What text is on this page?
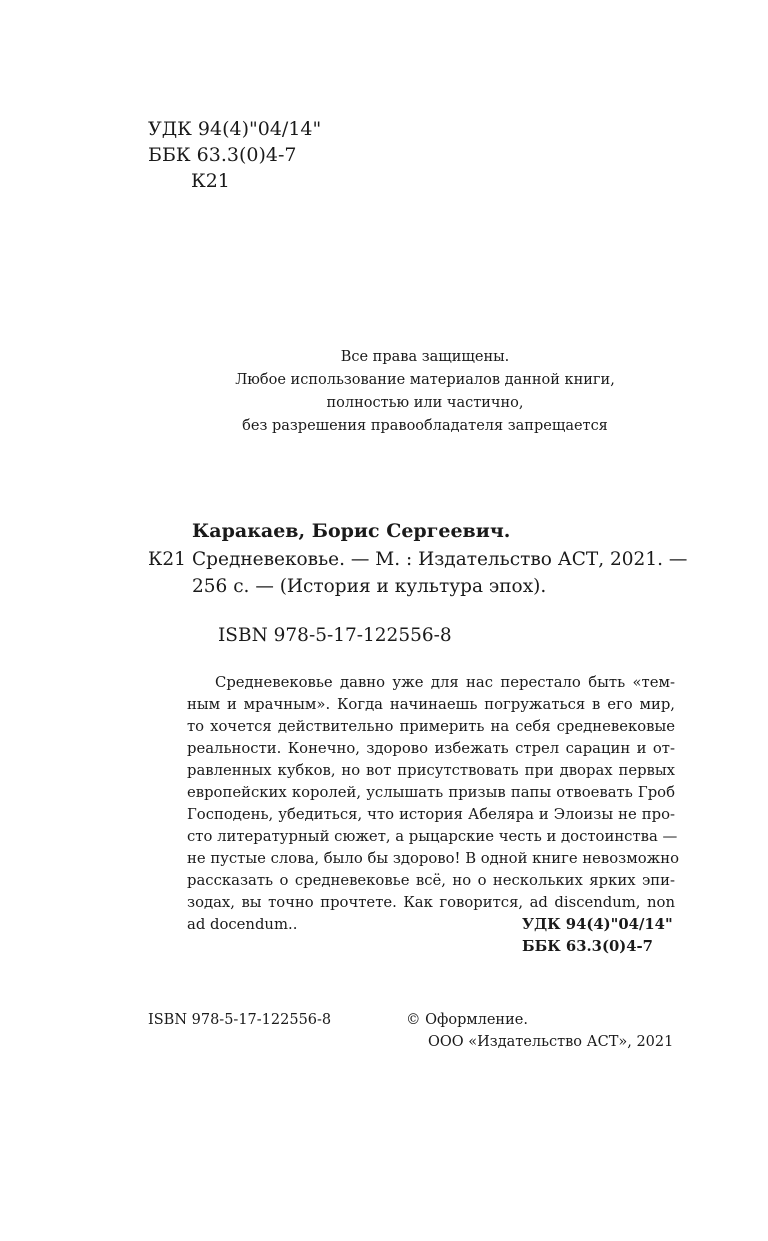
УДК 94(4)"04/14"
ББК 63.3(0)4-7
К21
Все права защищены.
Любое использование материалов данной книги,
полностью или частично,
без разрешения правообладателя запрещается
Каракаев, Борис Сергеевич.
К21 Средневековье. — М. : Издательство АСТ, 2021. —
256 с. — (История и культура эпох).
ISBN 978-5-17-122556-8
Средневековье давно уже для нас перестало быть «тем-
ным и мрачным». Когда начинаешь погружаться в его мир,
то хочется действительно примерить на себя средневековые
реальности. Конечно, здорово избежать стрел сарацин и от-
равленных кубков, но вот присутствовать при дворах первых
европейских королей, услышать призыв папы отвоевать Гроб
Господень, убедиться, что история Абеляра и Элоизы не про-
сто литературный сюжет, а рыцарские честь и достоинства —
не пустые слова, было бы здорово! В одной книге невозможно
рассказать о средневековье всё, но о нескольких ярких эпи-
зодах, вы точно прочтете. Как говорится, ad discendum, non
ad docendum..	УДК 94(4)"04/14"
ББК 63.3(0)4-7
ISBN 978-5-17-122556-8	© Оформление.
ООО «Издательство АСТ», 2021
